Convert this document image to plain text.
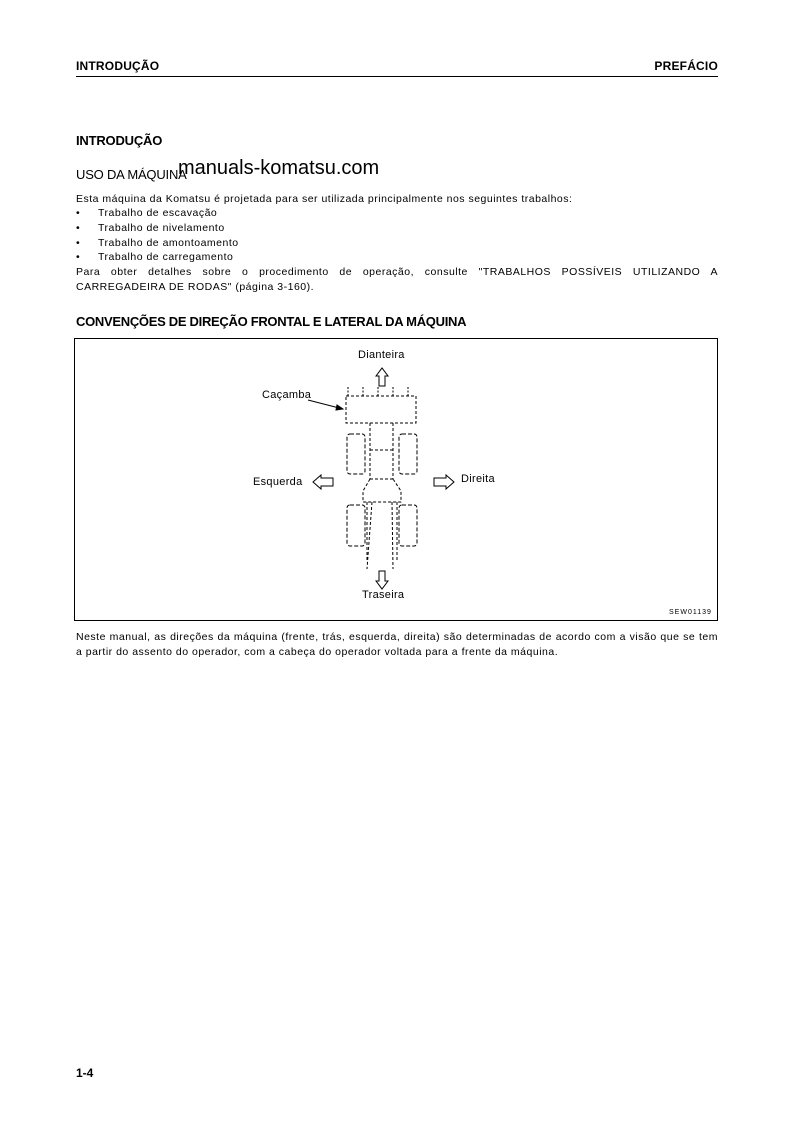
INTRODUÇÃO	PREFÁCIO
INTRODUÇÃO
USO DA MÁQUINA
manuals-komatsu.com
Esta máquina da Komatsu é projetada para ser utilizada principalmente nos seguintes trabalhos:
• Trabalho de escavação
• Trabalho de nivelamento
• Trabalho de amontoamento
• Trabalho de carregamento
Para obter detalhes sobre o procedimento de operação, consulte "TRABALHOS POSSÍVEIS UTILIZANDO A CARREGADEIRA DE RODAS" (página 3-160).
CONVENÇÕES DE DIREÇÃO FRONTAL E LATERAL DA MÁQUINA
Dianteira
Caçamba
Esquerda	Direita
Traseira
SEW01139
Neste manual, as direções da máquina (frente, trás, esquerda, direita) são determinadas de acordo com a visão que se tem a partir do assento do operador, com a cabeça do operador voltada para a frente da máquina.
1-4
